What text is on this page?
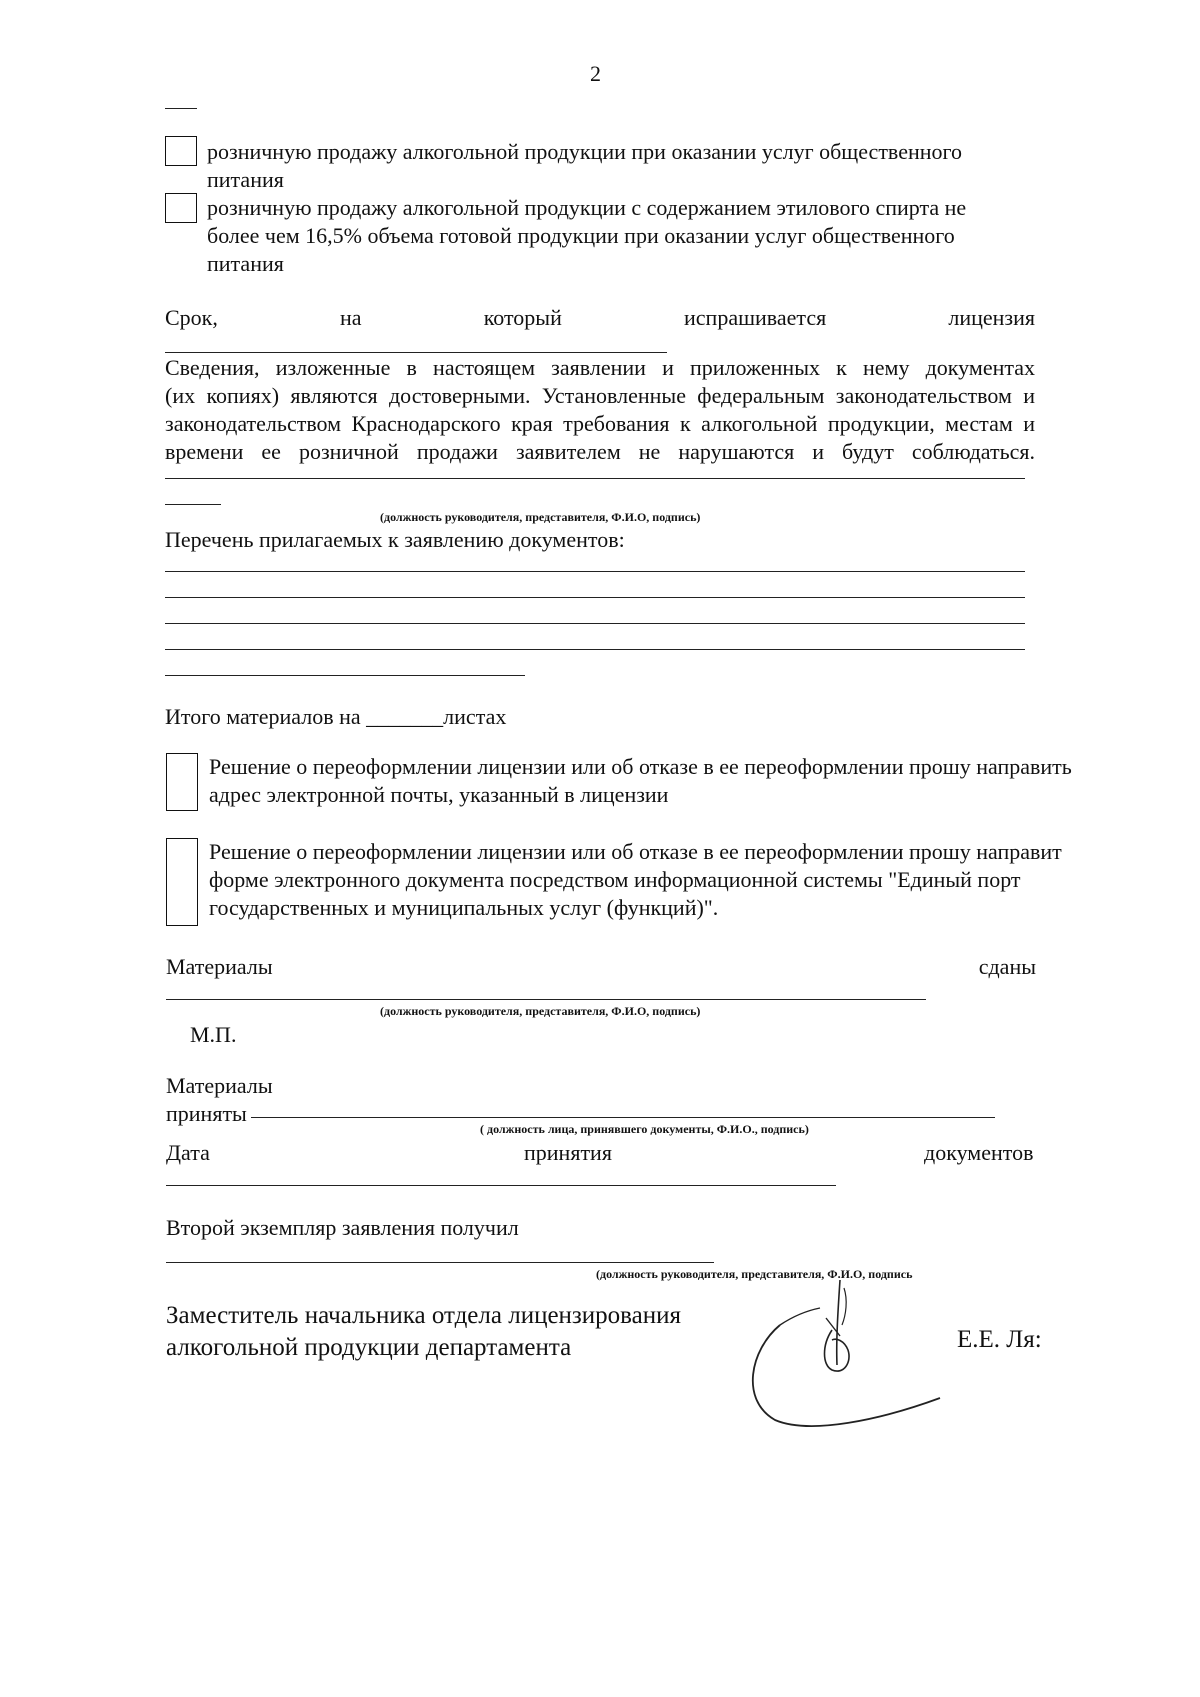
2
розничную продажу алкогольной продукции при оказании услуг общественного
питания
розничную продажу алкогольной продукции с содержанием этилового спирта не
более чем 16,5% объема готовой продукции при оказании услуг общественного
питания
Срок,	на	который	испрашивается	лицензия
Сведения, изложенные в настоящем заявлении и приложенных к нему документах
(их копиях) являются достоверными. Установленные федеральным законодательством и
законодательством Краснодарского края требования к алкогольной продукции, местам и
времени ее розничной продажи заявителем не нарушаются и будут соблюдаться.
(должность руководителя, представителя, Ф.И.О, подпись)
Перечень прилагаемых к заявлению документов:
Итого материалов на _______листах
Решение о переоформлении лицензии или об отказе в ее переоформлении прошу направить
адрес электронной почты, указанный в лицензии
Решение о переоформлении лицензии или об отказе в ее переоформлении прошу направит
форме электронного документа посредством информационной системы "Единый порт
государственных и муниципальных услуг (функций)".
Материалы	сданы
(должность руководителя, представителя, Ф.И.О, подпись)
М.П.
Материалы
приняты
( должность лица, принявшего документы, Ф.И.О., подпись)
Дата	принятия	документов
Второй экземпляр заявления получил
(должность руководителя, представителя, Ф.И.О, подпись
Заместитель начальника отдела лицензирования
алкогольной продукции департамента	Е.Е. Ля:
